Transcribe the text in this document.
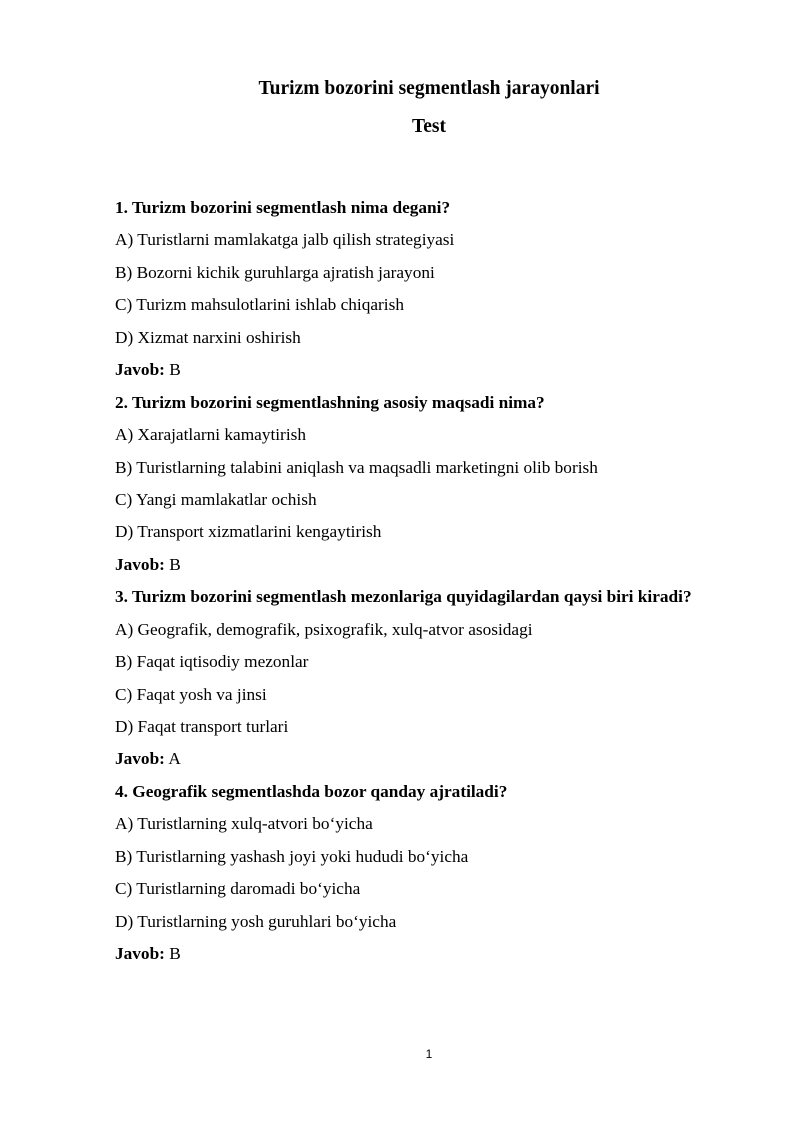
Turizm bozorini segmentlash jarayonlari
Test
1. Turizm bozorini segmentlash nima degani?
A) Turistlarni mamlakatga jalb qilish strategiyasi
B) Bozorni kichik guruhlarga ajratish jarayoni
C) Turizm mahsulotlarini ishlab chiqarish
D) Xizmat narxini oshirish
Javob: B
2. Turizm bozorini segmentlashning asosiy maqsadi nima?
A) Xarajatlarni kamaytirish
B) Turistlarning talabini aniqlash va maqsadli marketingni olib borish
C) Yangi mamlakatlar ochish
D) Transport xizmatlarini kengaytirish
Javob: B
3. Turizm bozorini segmentlash mezonlariga quyidagilardan qaysi biri kiradi?
A) Geografik, demografik, psixografik, xulq-atvor asosidagi
B) Faqat iqtisodiy mezonlar
C) Faqat yosh va jinsi
D) Faqat transport turlari
Javob: A
4. Geografik segmentlashda bozor qanday ajratiladi?
A) Turistlarning xulq-atvori bo‘yicha
B) Turistlarning yashash joyi yoki hududi bo‘yicha
C) Turistlarning daromadi bo‘yicha
D) Turistlarning yosh guruhlari bo‘yicha
Javob: B
1
